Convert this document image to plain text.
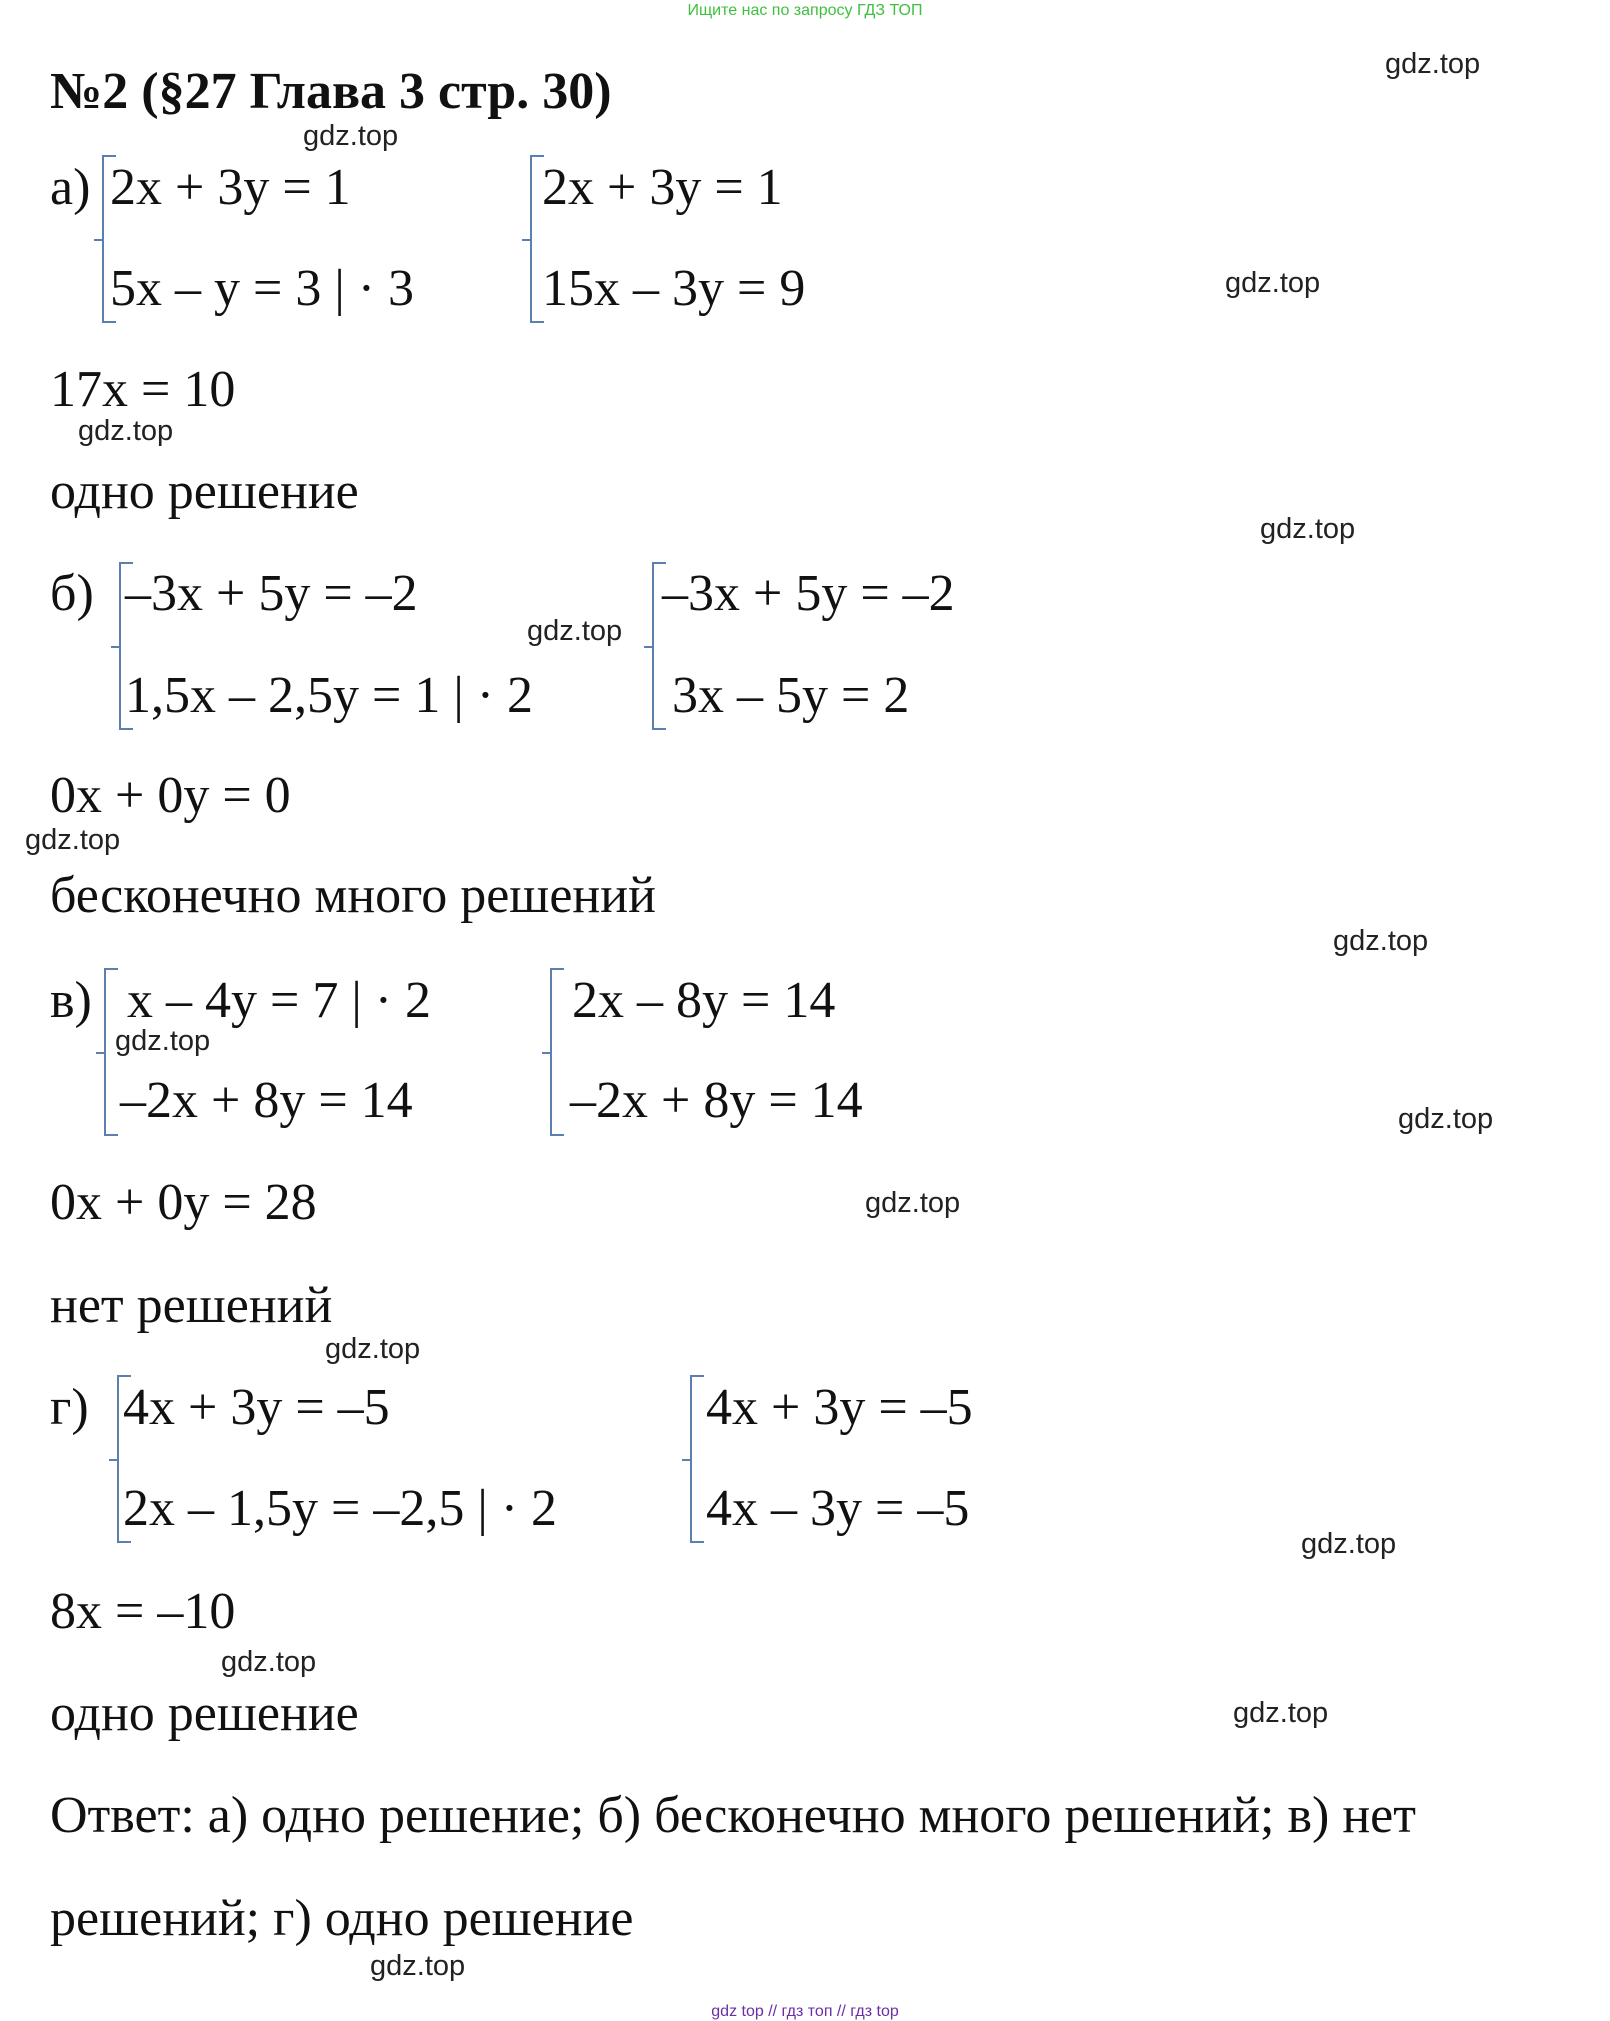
Ищите нас по запросу ГДЗ ТОП
№2 (§27 Глава 3 стр. 30)
а) 2x + 3y = 1
5x – y = 3 | · 3
2x + 3y = 1
15x – 3y = 9
17x = 10
одно решение
б) –3x + 5y = –2
1,5x – 2,5y = 1 | · 2
–3x + 5y = –2
3x – 5y = 2
0x + 0y = 0
бесконечно много решений
в) x – 4y = 7 | · 2
–2x + 8y = 14
2x – 8y = 14
–2x + 8y = 14
0x + 0y = 28
нет решений
г) 4x + 3y = –5
2x – 1,5y = –2,5 | · 2
4x + 3y = –5
4x – 3y = –5
8x = –10
одно решение
Ответ: а) одно решение; б) бесконечно много решений; в) нет
решений; г) одно решение
gdz.top
gdz.top
gdz.top
gdz.top
gdz.top
gdz.top
gdz.top
gdz.top
gdz.top
gdz.top
gdz.top
gdz.top
gdz.top
gdz.top
gdz.top
gdz.top
gdz top // гдз топ // гдз top
